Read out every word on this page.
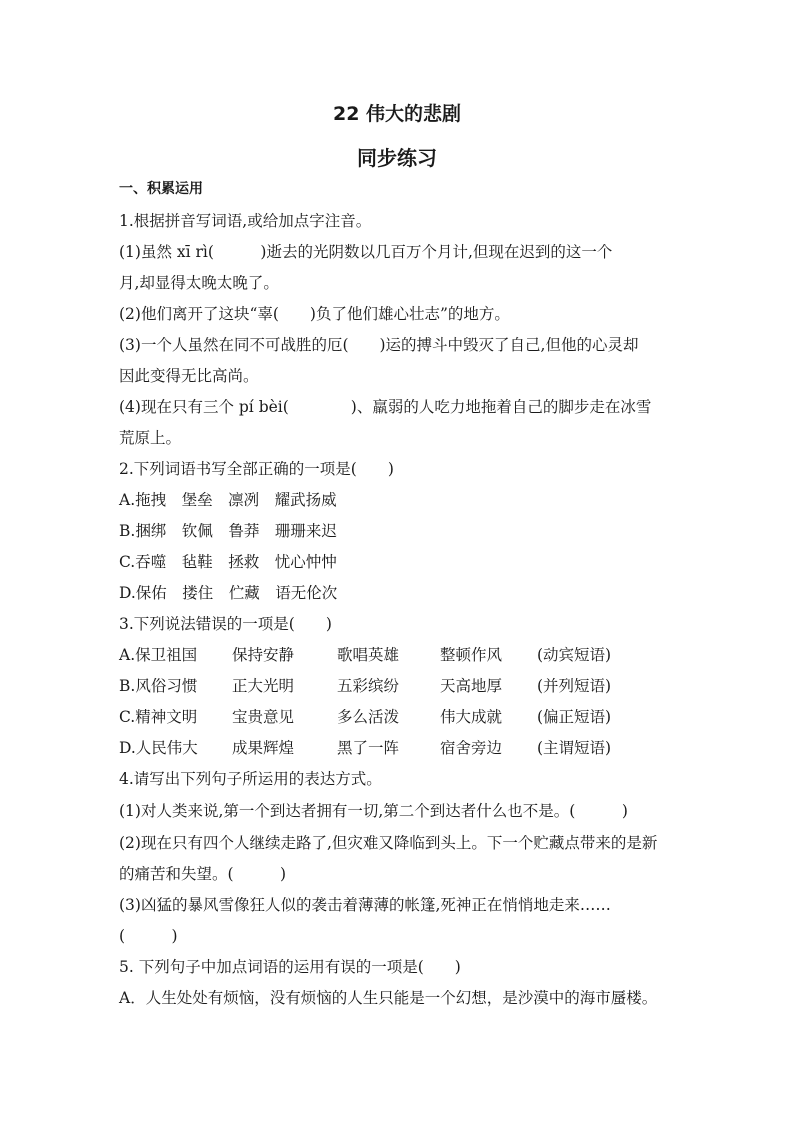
22 伟大的悲剧
同步练习
一、积累运用
1.根据拼音写词语,或给加点字注音。
(1)虽然 xī rì(　　　)逝去的光阴数以几百万个月计,但现在迟到的这一个
月,却显得太晚太晚了。
(2)他们离开了这块“辜(　　)负了他们雄心壮志”的地方。
(3)一个人虽然在同不可战胜的厄(　　)运的搏斗中毁灭了自己,但他的心灵却
因此变得无比高尚。
(4)现在只有三个 pí bèi(　　　　)、羸弱的人吃力地拖着自己的脚步走在冰雪
荒原上。
2.下列词语书写全部正确的一项是(　　)
A.拖拽　堡垒　凛冽　耀武扬威
B.捆绑　钦佩　鲁莽　珊珊来迟
C.吞噬　毡鞋　拯救　忧心忡忡
D.保佑　搂住　伫藏　语无伦次
3.下列说法错误的一项是(　　)
A.保卫祖国 保持安静	歌唱英雄	整顿作风 (动宾短语)
B.风俗习惯 正大光明	五彩缤纷	天高地厚 (并列短语)
C.精神文明 宝贵意见	多么活泼	伟大成就 (偏正短语)
D.人民伟大 成果辉煌	黑了一阵	宿舍旁边 (主谓短语)
4.请写出下列句子所运用的表达方式。
(1)对人类来说,第一个到达者拥有一切,第二个到达者什么也不是。(　　　)
(2)现在只有四个人继续走路了,但灾难又降临到头上。下一个贮藏点带来的是新
的痛苦和失望。(　　　)
(3)凶猛的暴风雪像狂人似的袭击着薄薄的帐篷,死神正在悄悄地走来……
(　　　)
5. 下列句子中加点词语的运用有误的一项是(　　)
A．人生处处有烦恼，没有烦恼的人生只能是一个幻想，是沙漠中的海市蜃楼。
